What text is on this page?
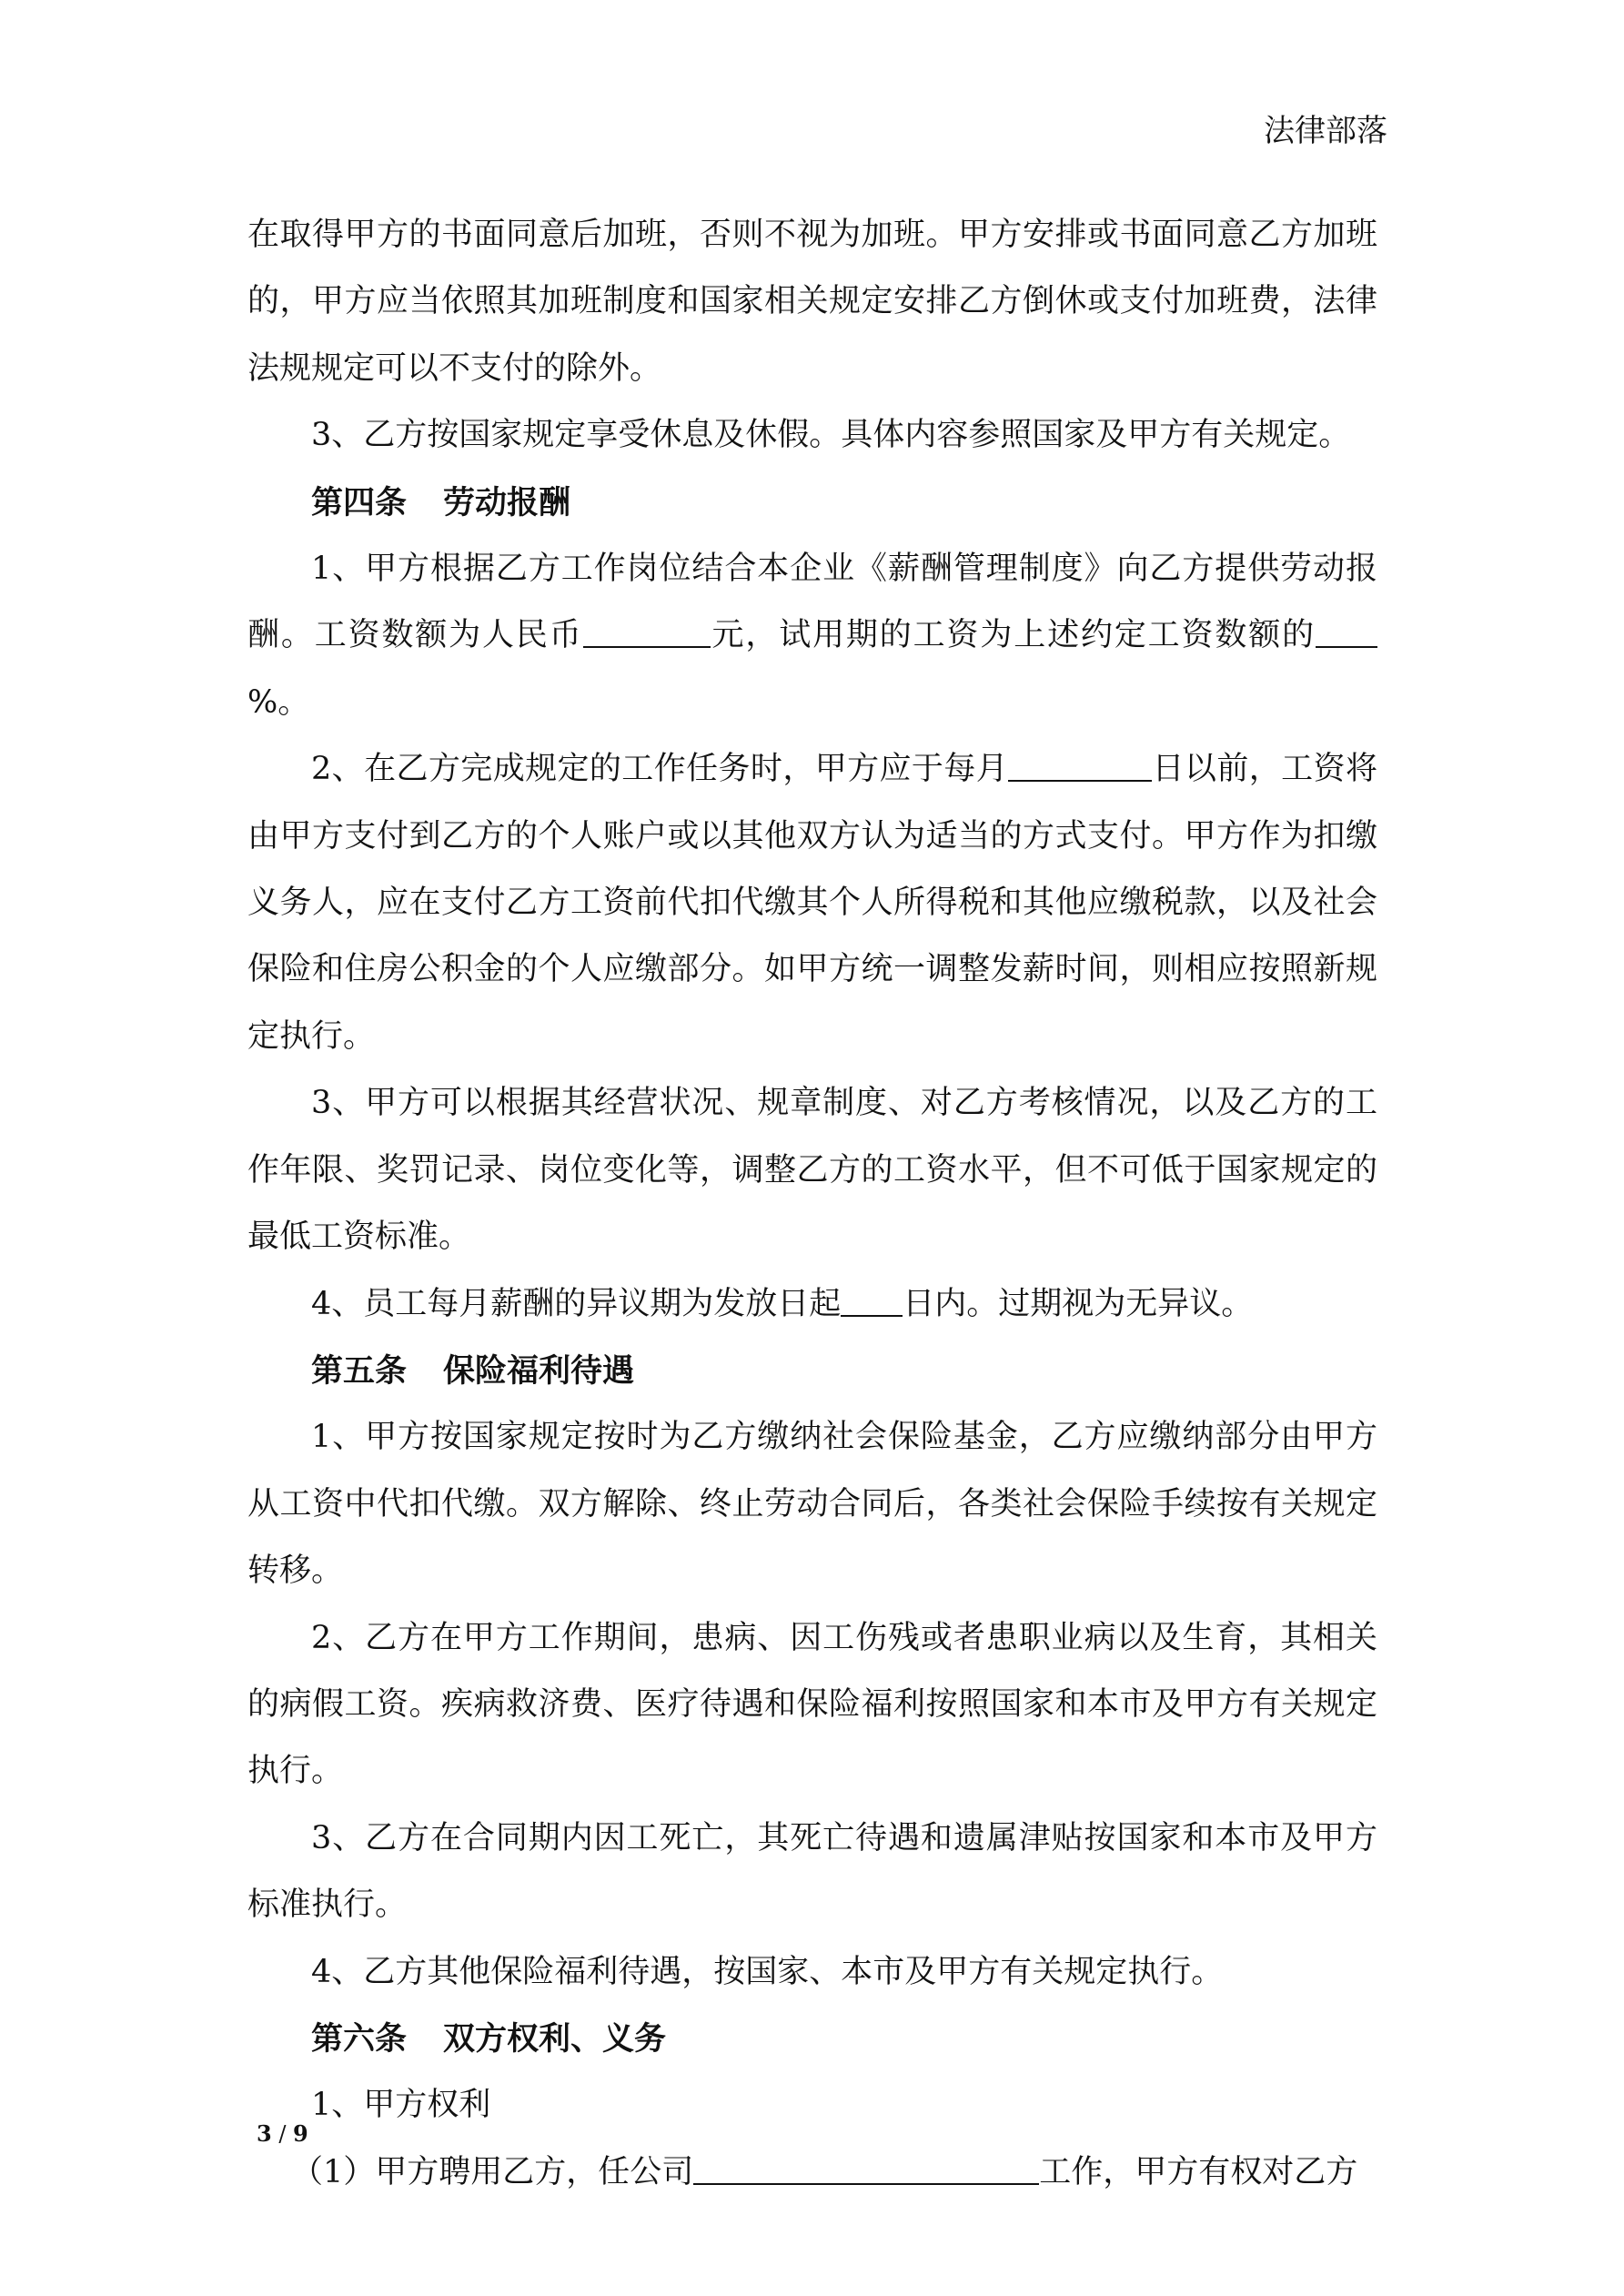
法律部落

在取得甲方的书面同意后加班，否则不视为加班。甲方安排或书面同意乙方加班的，甲方应当依照其加班制度和国家相关规定安排乙方倒休或支付加班费，法律法规规定可以不支付的除外。

3、乙方按国家规定享受休息及休假。具体内容参照国家及甲方有关规定。

第四条 劳动报酬

1、甲方根据乙方工作岗位结合本企业《薪酬管理制度》向乙方提供劳动报酬。工资数额为人民币	元，试用期的工资为上述约定工资数额的%。

2、在乙方完成规定的工作任务时，甲方应于每月	日以前，工资将由甲方支付到乙方的个人账户或以其他双方认为适当的方式支付。甲方作为扣缴义务人，应在支付乙方工资前代扣代缴其个人所得税和其他应缴税款，以及社会保险和住房公积金的个人应缴部分。如甲方统一调整发薪时间，则相应按照新规定执行。

3、甲方可以根据其经营状况、规章制度、对乙方考核情况，以及乙方的工作年限、奖罚记录、岗位变化等，调整乙方的工资水平，但不可低于国家规定的最低工资标准。

4、员工每月薪酬的异议期为发放日起 日内。过期视为无异议。

第五条 保险福利待遇

1、甲方按国家规定按时为乙方缴纳社会保险基金，乙方应缴纳部分由甲方从工资中代扣代缴。双方解除、终止劳动合同后，各类社会保险手续按有关规定转移。

2、乙方在甲方工作期间，患病、因工伤残或者患职业病以及生育，其相关的病假工资。疾病救济费、医疗待遇和保险福利按照国家和本市及甲方有关规定执行。

3、乙方在合同期内因工死亡，其死亡待遇和遗属津贴按国家和本市及甲方标准执行。

4、乙方其他保险福利待遇，按国家、本市及甲方有关规定执行。

第六条 双方权利、义务

1、甲方权利

（1）甲方聘用乙方，任公司	工作，甲方有权对乙方

3 / 9
